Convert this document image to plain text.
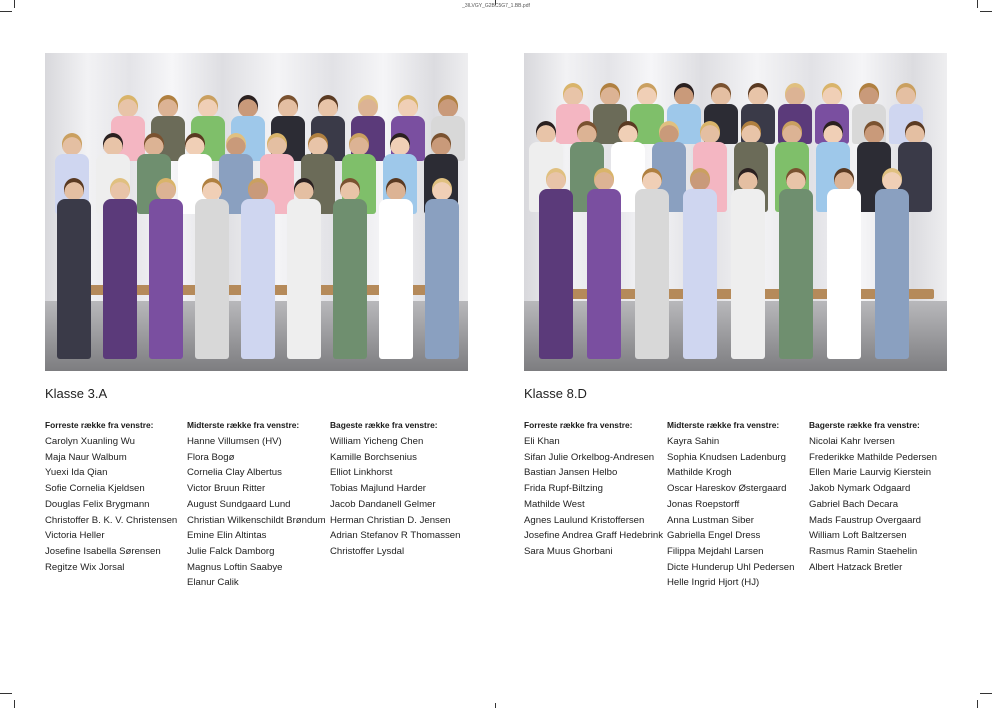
_3ILVGY_G2BC5G7_1.BB.pdf
Klasse 3.A
Forreste række fra venstre:
Carolyn Xuanling Wu
Maja Naur Walbum
Yuexi Ida Qian
Sofie Cornelia Kjeldsen
Douglas Felix Brygmann
Christoffer B. K. V. Christensen
Victoria Heller
Josefine Isabella Sørensen
Regitze Wix Jorsal
Midterste række fra venstre:
Hanne Villumsen (HV)
Flora Bogø
Cornelia Clay Albertus
Victor Bruun Ritter
August Sundgaard Lund
Christian Wilkenschildt Brøndum
Emine Elin Altintas
Julie Falck Damborg
Magnus Loftin Saabye
Elanur Calik
Bageste række fra venstre:
William Yicheng Chen
Kamille Borchsenius
Elliot Linkhorst
Tobias Majlund Harder
Jacob Dandanell Gelmer
Herman Christian D. Jensen
Adrian Stefanov R Thomassen
Christoffer Lysdal
Klasse 8.D
Forreste række fra venstre:
Eli Khan
Sifan Julie Orkelbog-Andresen
Bastian Jansen Helbo
Frida Rupf-Biltzing
Mathilde West
Agnes Laulund Kristoffersen
Josefine Andrea Graff Hedebrink
Sara Muus Ghorbani
Midterste række fra venstre:
Kayra Sahin
Sophia Knudsen Ladenburg
Mathilde Krogh
Oscar Hareskov Østergaard
Jonas Roepstorff
Anna Lustman Siber
Gabriella Engel Dress
Filippa Mejdahl Larsen
Dicte Hunderup Uhl Pedersen
Helle Ingrid Hjort (HJ)
Bagerste række fra venstre:
Nicolai Kahr Iversen
Frederikke Mathilde Pedersen
Ellen Marie Laurvig Kierstein
Jakob Nymark Odgaard
Gabriel Bach Decara
Mads Faustrup Overgaard
William Loft Baltzersen
Rasmus Ramin Staehelin
Albert Hatzack Bretler
